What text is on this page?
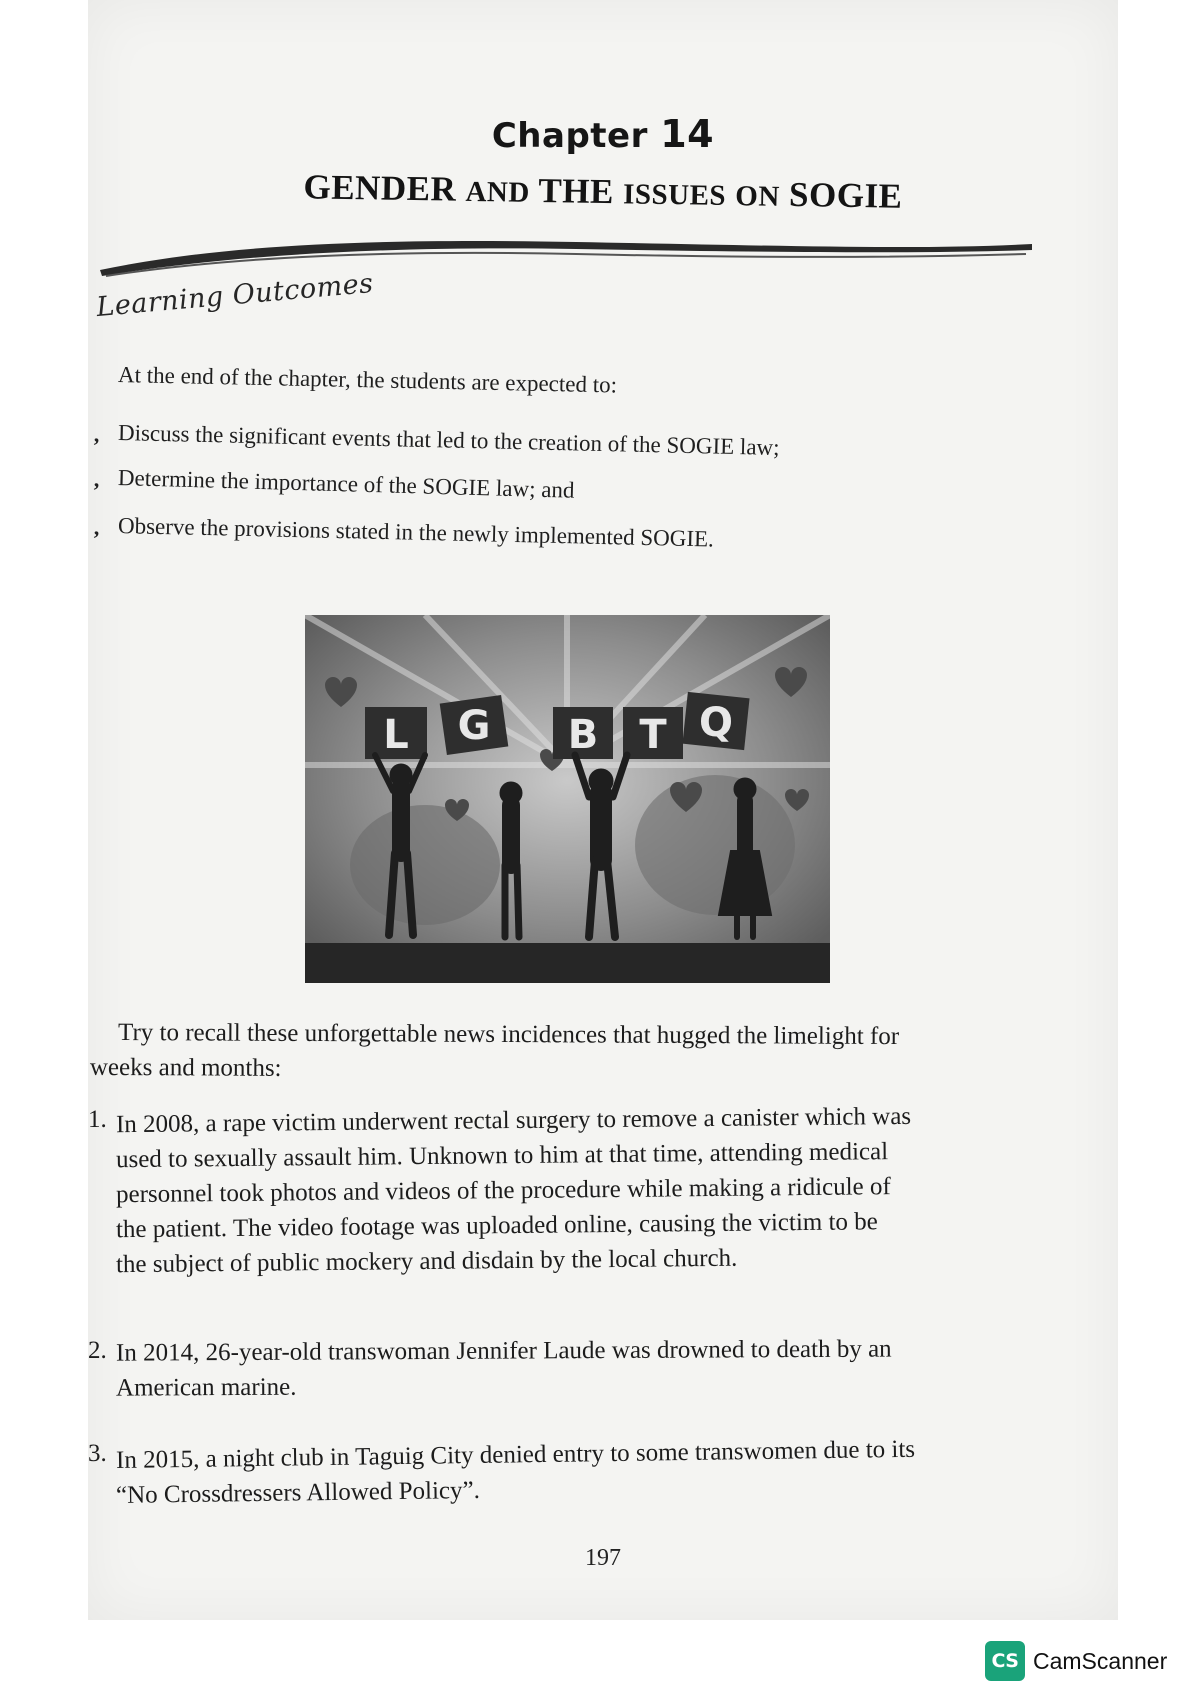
Chapter 14
GENDER AND THE ISSUES ON SOGIE
Learning Outcomes
At the end of the chapter, the students are expected to:
, Discuss the significant events that led to the creation of the SOGIE law;
, Determine the importance of the SOGIE law; and
, Observe the provisions stated in the newly implemented SOGIE.
L G B T Q
Try to recall these unforgettable news incidences that hugged the limelight for
weeks and months:
1. In 2008, a rape victim underwent rectal surgery to remove a canister which was
used to sexually assault him. Unknown to him at that time, attending medical
personnel took photos and videos of the procedure while making a ridicule of
the patient. The video footage was uploaded online, causing the victim to be
the subject of public mockery and disdain by the local church.
2. In 2014, 26-year-old transwoman Jennifer Laude was drowned to death by an
American marine.
3. In 2015, a night club in Taguig City denied entry to some transwomen due to its
“No Crossdressers Allowed Policy”.
197
CS CamScanner
